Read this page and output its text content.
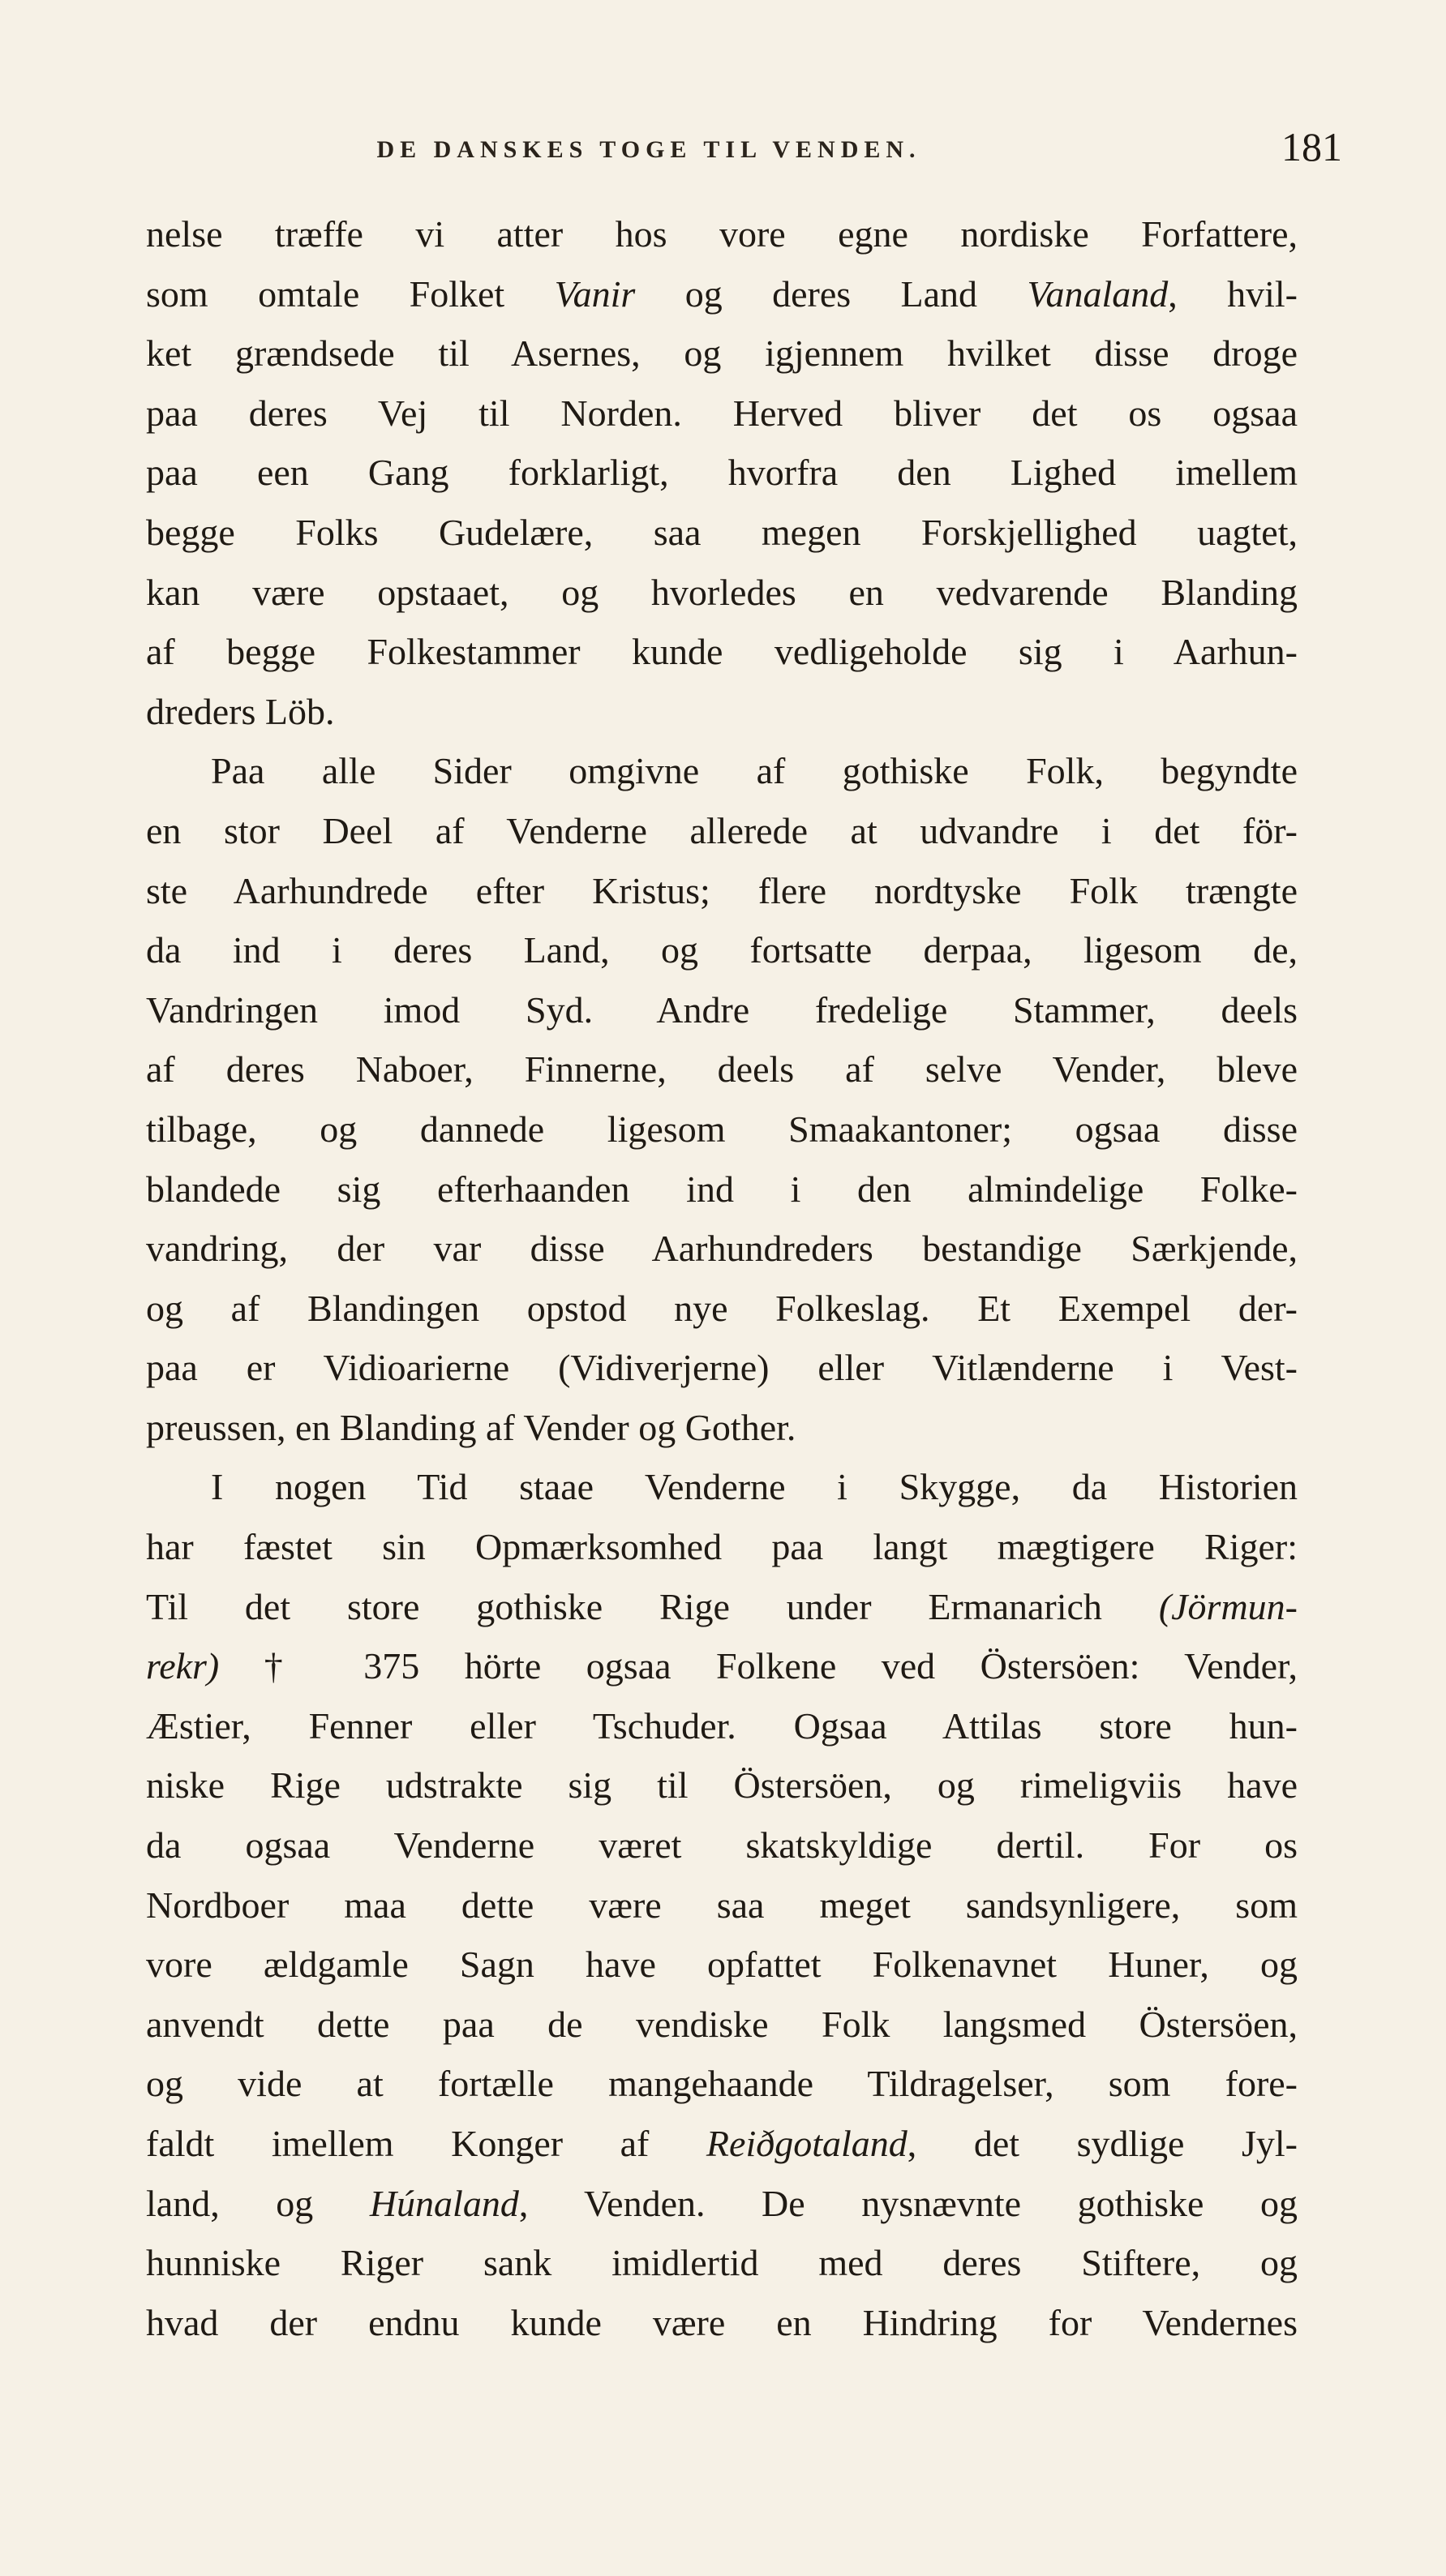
DE DANSKES TOGE TIL VENDEN.	181
nelse træffe vi atter hos vore egne nordiske Forfattere,
som omtale Folket Vanir og deres Land Vanaland, hvil-
ket grændsede til Asernes, og igjennem hvilket disse droge
paa deres Vej til Norden. Herved bliver det os ogsaa
paa een Gang forklarligt, hvorfra den Lighed imellem
begge Folks Gudelære, saa megen Forskjellighed uagtet,
kan være opstaaet, og hvorledes en vedvarende Blanding
af begge Folkestammer kunde vedligeholde sig i Aarhun-
dreders Löb.
Paa alle Sider omgivne af gothiske Folk, begyndte
en stor Deel af Venderne allerede at udvandre i det för-
ste Aarhundrede efter Kristus; flere nordtyske Folk trængte
da ind i deres Land, og fortsatte derpaa, ligesom de,
Vandringen imod Syd. Andre fredelige Stammer, deels
af deres Naboer, Finnerne, deels af selve Vender, bleve
tilbage, og dannede ligesom Smaakantoner; ogsaa disse
blandede sig efterhaanden ind i den almindelige Folke-
vandring, der var disse Aarhundreders bestandige Særkjende,
og af Blandingen opstod nye Folkeslag. Et Exempel der-
paa er Vidioarierne (Vidiverjerne) eller Vitlænderne i Vest-
preussen, en Blanding af Vender og Gother.
I nogen Tid staae Venderne i Skygge, da Historien
har fæstet sin Opmærksomhed paa langt mægtigere Riger:
Til det store gothiske Rige under Ermanarich (Jörmun-
rekr) † 375 hörte ogsaa Folkene ved Östersöen: Vender,
Æstier, Fenner eller Tschuder. Ogsaa Attilas store hun-
niske Rige udstrakte sig til Östersöen, og rimeligviis have
da ogsaa Venderne været skatskyldige dertil. For os
Nordboer maa dette være saa meget sandsynligere, som
vore ældgamle Sagn have opfattet Folkenavnet Huner, og
anvendt dette paa de vendiske Folk langsmed Östersöen,
og vide at fortælle mangehaande Tildragelser, som fore-
faldt imellem Konger af Reiðgotaland, det sydlige Jyl-
land, og Húnaland, Venden. De nysnævnte gothiske og
hunniske Riger sank imidlertid med deres Stiftere, og
hvad der endnu kunde være en Hindring for Vendernes
